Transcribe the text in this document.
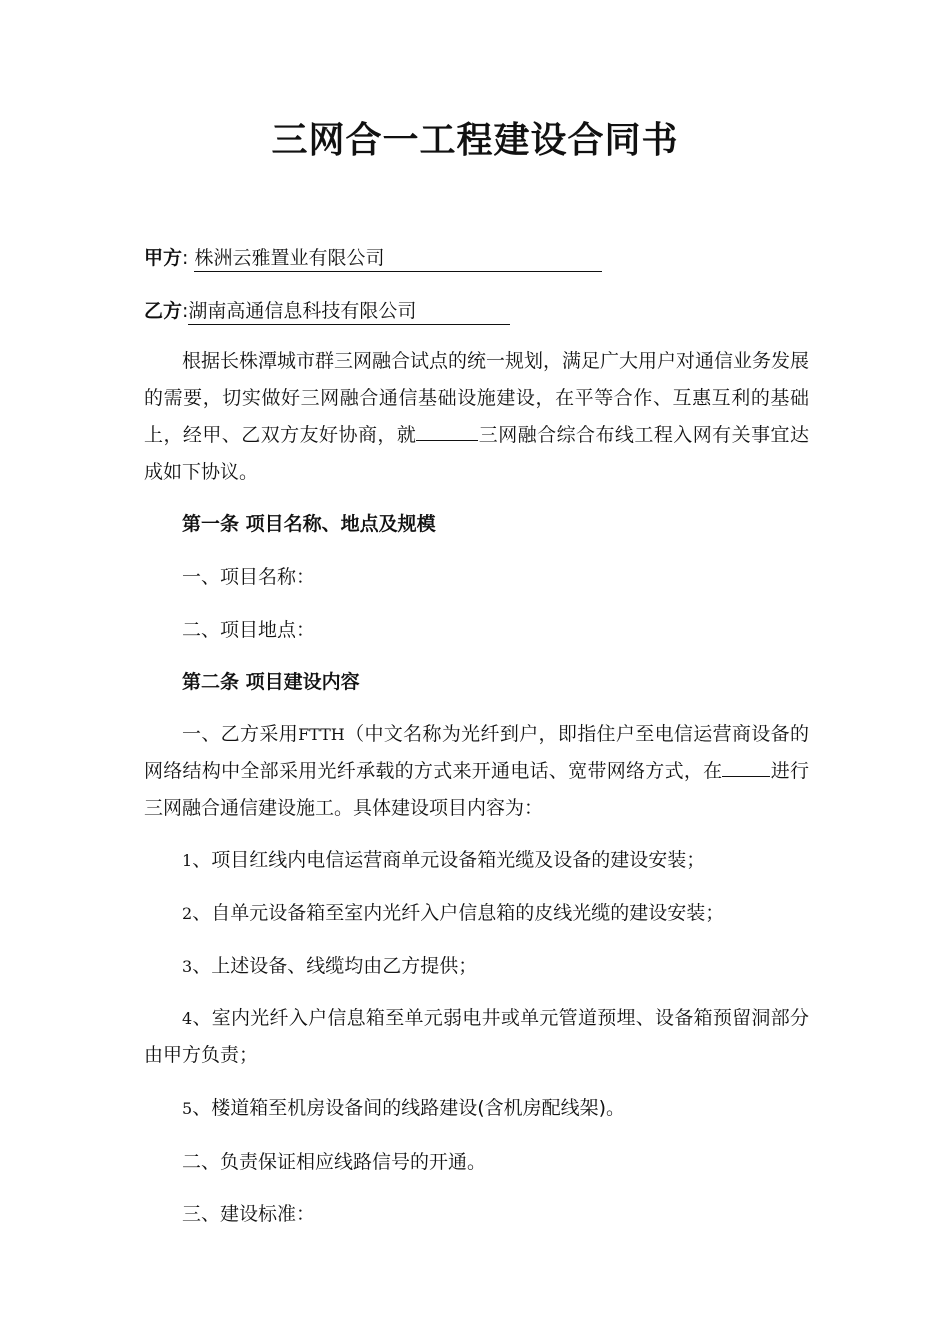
三网合一工程建设合同书
甲方: 株洲云雅置业有限公司
乙方:湖南高通信息科技有限公司
根据长株潭城市群三网融合试点的统一规划，满足广大用户对通信业务发展的需要，切实做好三网融合通信基础设施建设，在平等合作、互惠互利的基础上，经甲、乙双方友好协商，就	三网融合综合布线工程入网有关事宜达成如下协议。
第一条 项目名称、地点及规模
一、项目名称：
二、项目地点：
第二条 项目建设内容
一、乙方采用FTTH（中文名称为光纤到户，即指住户至电信运营商设备的网络结构中全部采用光纤承载的方式来开通电话、宽带网络方式，在	进行三网融合通信建设施工。具体建设项目内容为：
1、项目红线内电信运营商单元设备箱光缆及设备的建设安装；
2、自单元设备箱至室内光纤入户信息箱的皮线光缆的建设安装；
3、上述设备、线缆均由乙方提供；
4、室内光纤入户信息箱至单元弱电井或单元管道预埋、设备箱预留洞部分由甲方负责；
5、楼道箱至机房设备间的线路建设(含机房配线架)。
二、负责保证相应线路信号的开通。
三、建设标准：
